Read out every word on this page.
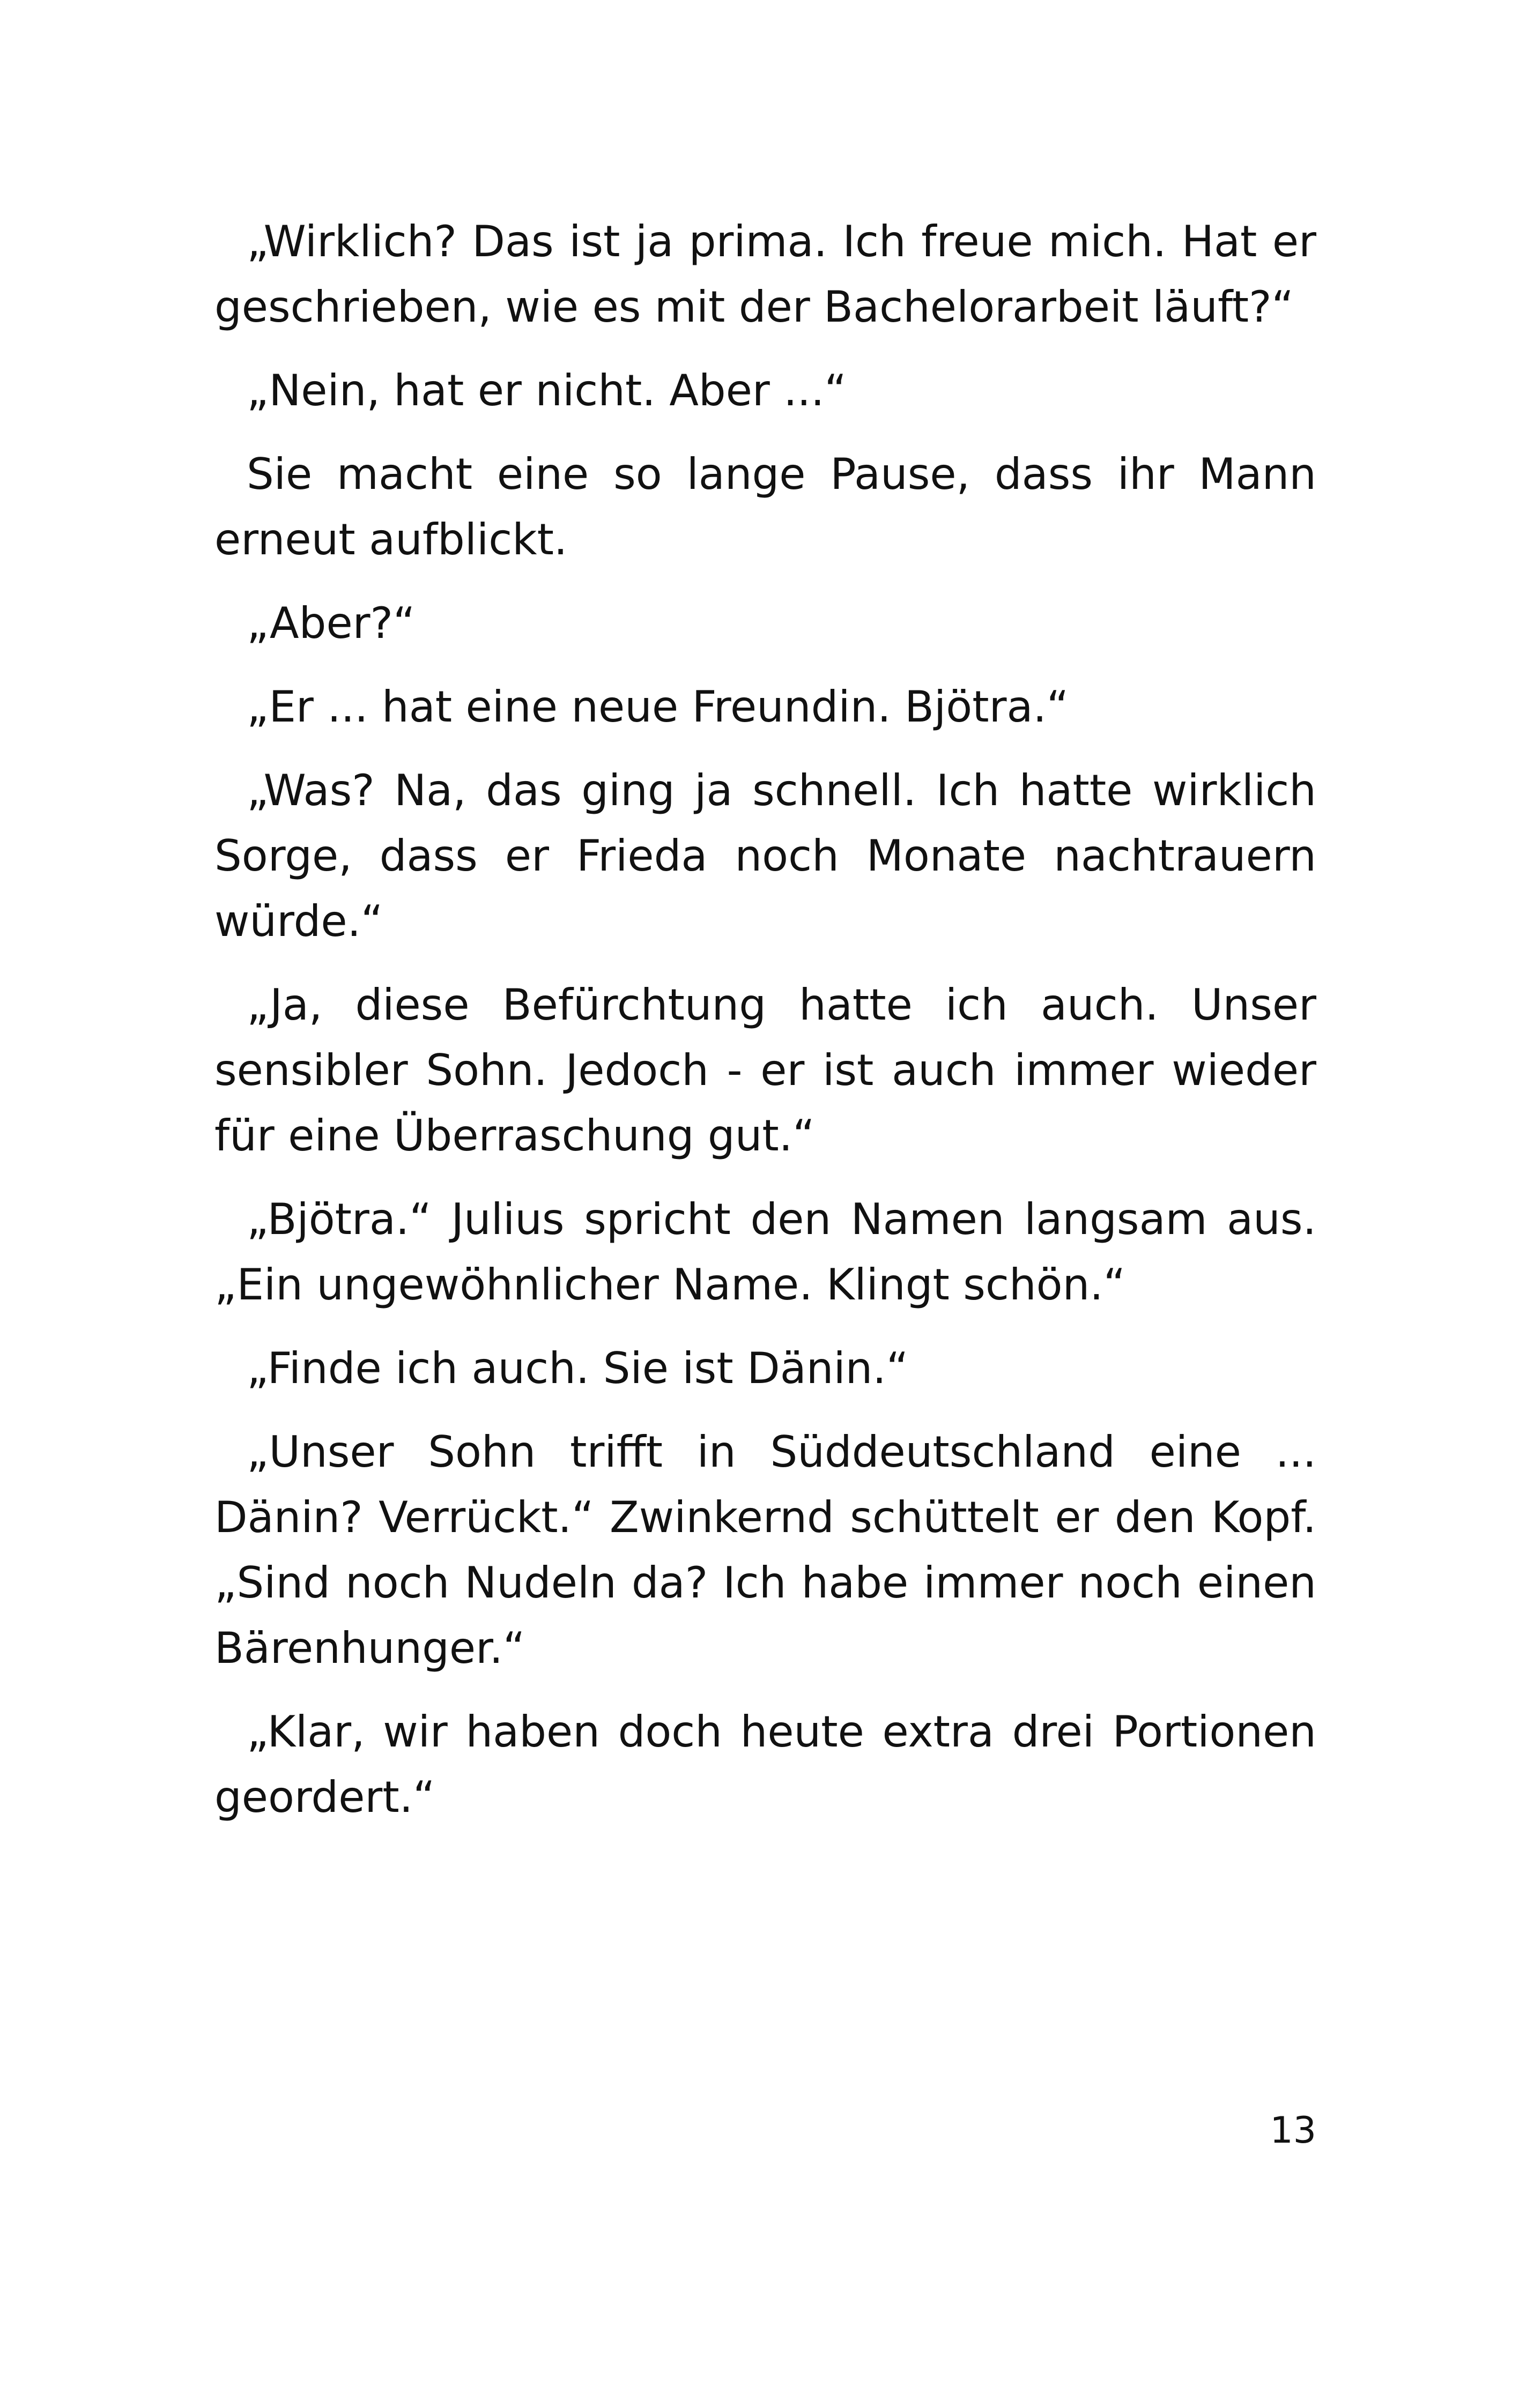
„Wirklich? Das ist ja prima. Ich freue mich. Hat er geschrieben, wie es mit der Bachelorarbeit läuft?“

„Nein, hat er nicht. Aber ...“

Sie macht eine so lange Pause, dass ihr Mann erneut aufblickt.

„Aber?“

„Er ... hat eine neue Freundin. Bjötra.“

„Was? Na, das ging ja schnell. Ich hatte wirklich Sorge, dass er Frieda noch Monate nachtrauern würde.“

„Ja, diese Befürchtung hatte ich auch. Unser sensibler Sohn. Jedoch - er ist auch immer wieder für eine Überraschung gut.“

„Bjötra.“ Julius spricht den Namen langsam aus. „Ein ungewöhnlicher Name. Klingt schön.“

„Finde ich auch. Sie ist Dänin.“

„Unser Sohn trifft in Süddeutschland eine ... Dänin? Verrückt.“ Zwinkernd schüttelt er den Kopf. „Sind noch Nudeln da? Ich habe immer noch einen Bärenhunger.“

„Klar, wir haben doch heute extra drei Portionen geordert.“

13
